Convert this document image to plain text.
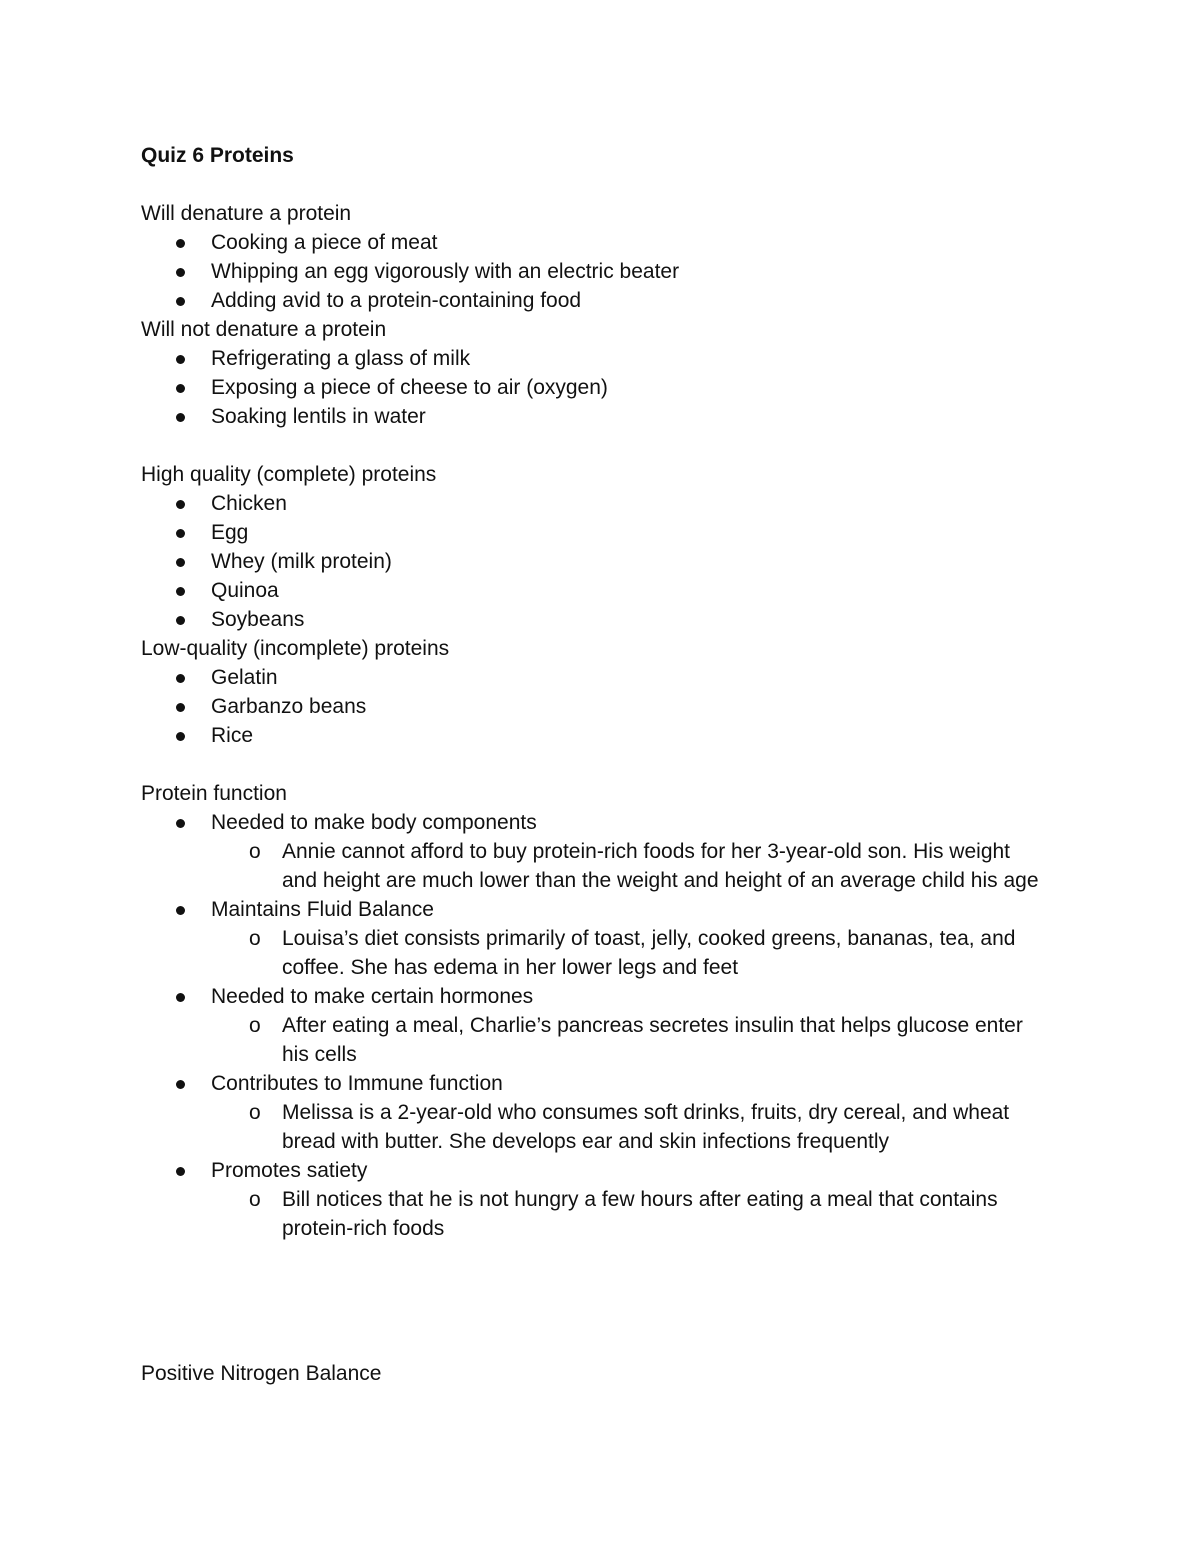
Quiz 6 Proteins
Will denature a protein
Cooking a piece of meat
Whipping an egg vigorously with an electric beater
Adding avid to a protein-containing food
Will not denature a protein
Refrigerating a glass of milk
Exposing a piece of cheese to air (oxygen)
Soaking lentils in water
High quality (complete) proteins
Chicken
Egg
Whey (milk protein)
Quinoa
Soybeans
Low-quality (incomplete) proteins
Gelatin
Garbanzo beans
Rice
Protein function
Needed to make body components
o Annie cannot afford to buy protein-rich foods for her 3-year-old son. His weight and height are much lower than the weight and height of an average child his age
Maintains Fluid Balance
o Louisa’s diet consists primarily of toast, jelly, cooked greens, bananas, tea, and coffee. She has edema in her lower legs and feet
Needed to make certain hormones
o After eating a meal, Charlie’s pancreas secretes insulin that helps glucose enter his cells
Contributes to Immune function
o Melissa is a 2-year-old who consumes soft drinks, fruits, dry cereal, and wheat bread with butter. She develops ear and skin infections frequently
Promotes satiety
o Bill notices that he is not hungry a few hours after eating a meal that contains protein-rich foods
Positive Nitrogen Balance
